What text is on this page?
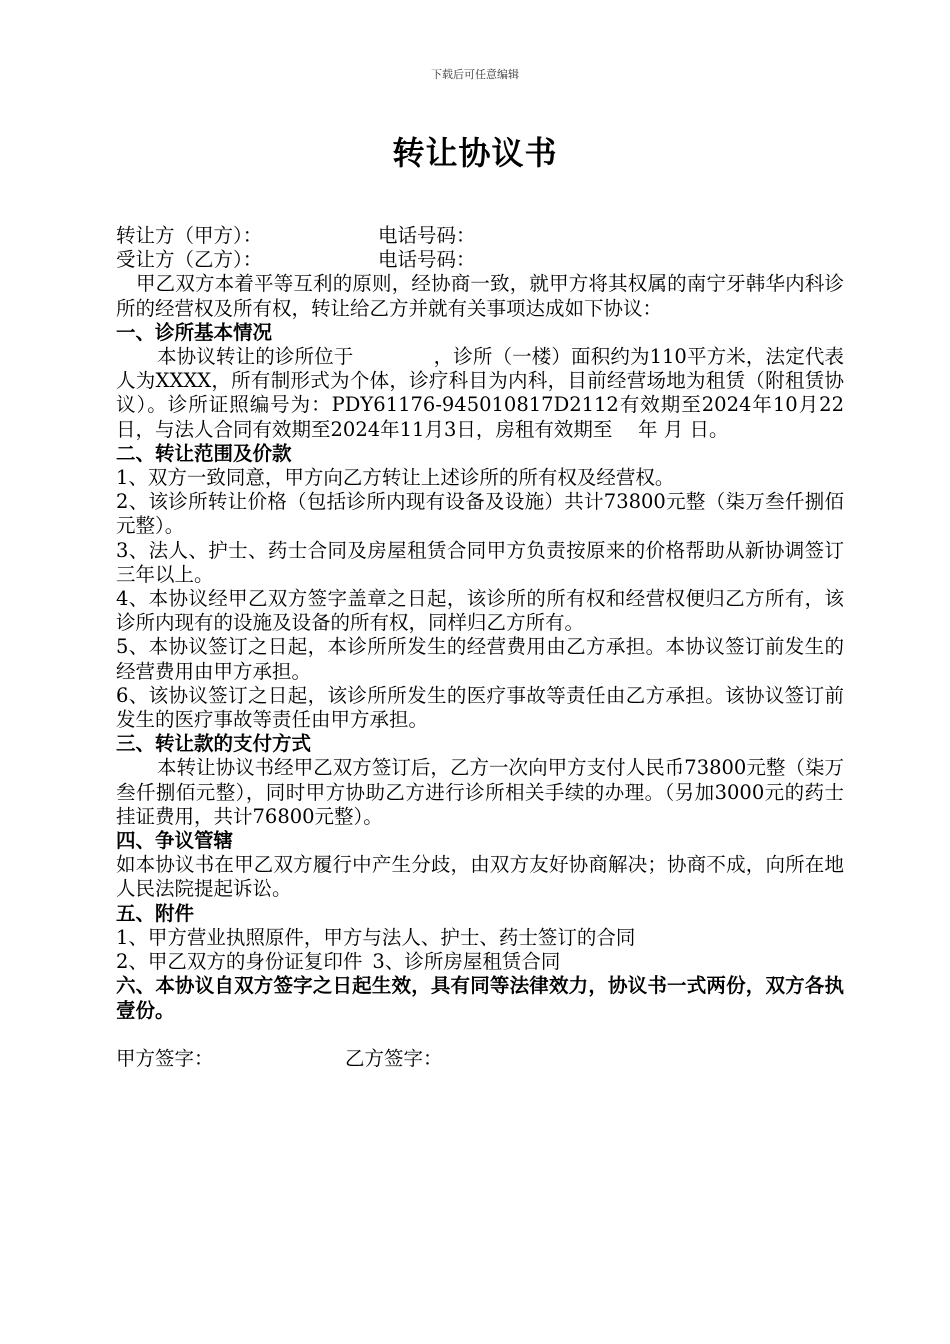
下载后可任意编辑
转让协议书
转让方（甲方）：	电话号码：
受让方（乙方）：	电话号码：

甲乙双方本着平等互利的原则，经协商一致，就甲方将其权属的南宁牙韩华内科诊所的经营权及所有权，转让给乙方并就有关事项达成如下协议：

一、诊所基本情况

本协议转让的诊所位于	，诊所（一楼）面积约为110平方米，法定代表人为XXXX，所有制形式为个体，诊疗科目为内科，目前经营场地为租赁（附租赁协议）。诊所证照编号为：PDY61176-945010817D2112有效期至2024年10月22日，与法人合同有效期至2024年11月3日，房租有效期至　 年 月 日。

二、转让范围及价款

1、双方一致同意，甲方向乙方转让上述诊所的所有权及经营权。

2、该诊所转让价格（包括诊所内现有设备及设施）共计73800元整（柒万叁仟捌佰元整）。

3、法人、护士、药士合同及房屋租赁合同甲方负责按原来的价格帮助从新协调签订三年以上。

4、本协议经甲乙双方签字盖章之日起，该诊所的所有权和经营权便归乙方所有，该诊所内现有的设施及设备的所有权，同样归乙方所有。

5、本协议签订之日起，本诊所所发生的经营费用由乙方承担。本协议签订前发生的经营费用由甲方承担。

6、该协议签订之日起，该诊所所发生的医疗事故等责任由乙方承担。该协议签订前发生的医疗事故等责任由甲方承担。

三、转让款的支付方式

本转让协议书经甲乙双方签订后，乙方一次向甲方支付人民币73800元整（柒万叁仟捌佰元整），同时甲方协助乙方进行诊所相关手续的办理。（另加3000元的药士挂证费用，共计76800元整）。

四、争议管辖

如本协议书在甲乙双方履行中产生分歧，由双方友好协商解决；协商不成，向所在地人民法院提起诉讼。

五、附件

1、甲方营业执照原件，甲方与法人、护士、药士签订的合同

2、甲乙双方的身份证复印件 3、诊所房屋租赁合同

六、本协议自双方签字之日起生效，具有同等法律效力，协议书一式两份，双方各执壹份。

甲方签字：	乙方签字：
